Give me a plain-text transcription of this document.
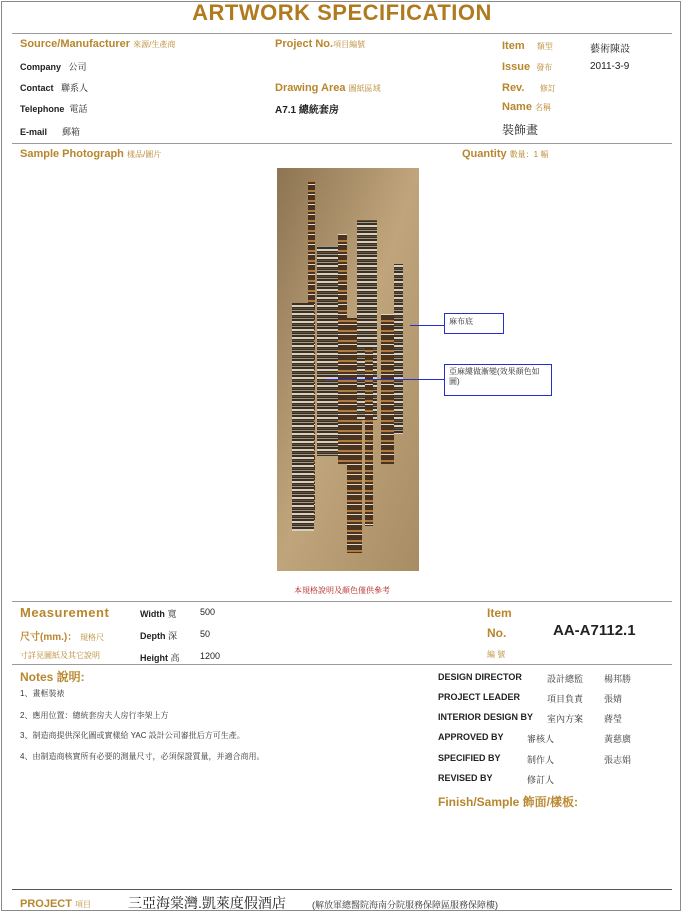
ARTWORK SPECIFICATION
Source/Manufacturer 來源/生產商
Company 公司
Contact 聯系人
Telephone 電話
E-mail 郵箱
Project No.項目編號
Drawing Area 圖紙區域
A7.1 總統套房
Item 類型	藝術陳設
Issue 發布	2011-3-9
Rev. 修訂
Name 名稱
裝飾畫
Sample Photograph 樣品/圖片	Quantity 數量：1 幅
麻布底
亞麻縷做漸變(效果顏色如圖)
本規格說明及顏色僅供參考
Measurement
尺寸(mm.)： 規格尺
寸詳見圖紙及其它說明
Width 寬	500
Depth 深	50
Height 高 1200
Item
No.
編 號
AA-A7112.1
Notes 說明:
1、畫框裝裱
2、應用位置：總統套房夫人房行李架上方
3、制造商提供深化圖或實樣給 YAC 設計公司審批后方可生產。
4、由制造商核實所有必要的測量尺寸，必須保證質量，并適合商用。
DESIGN DIRECTOR	設計總監 楊邦勝
PROJECT LEADER	項目負責 張婧
INTERIOR DESIGN BY 室內方案 蔣瑩
APPROVED BY	審核人	黃慈廣
SPECIFIED BY	制作人	張志娟
REVISED BY	修訂人
Finish/Sample 飾面/樣板:
PROJECT 項目	三亞海棠灣.凱萊度假酒店	(解放軍總醫院海南分院服務保障區服務保障樓)
